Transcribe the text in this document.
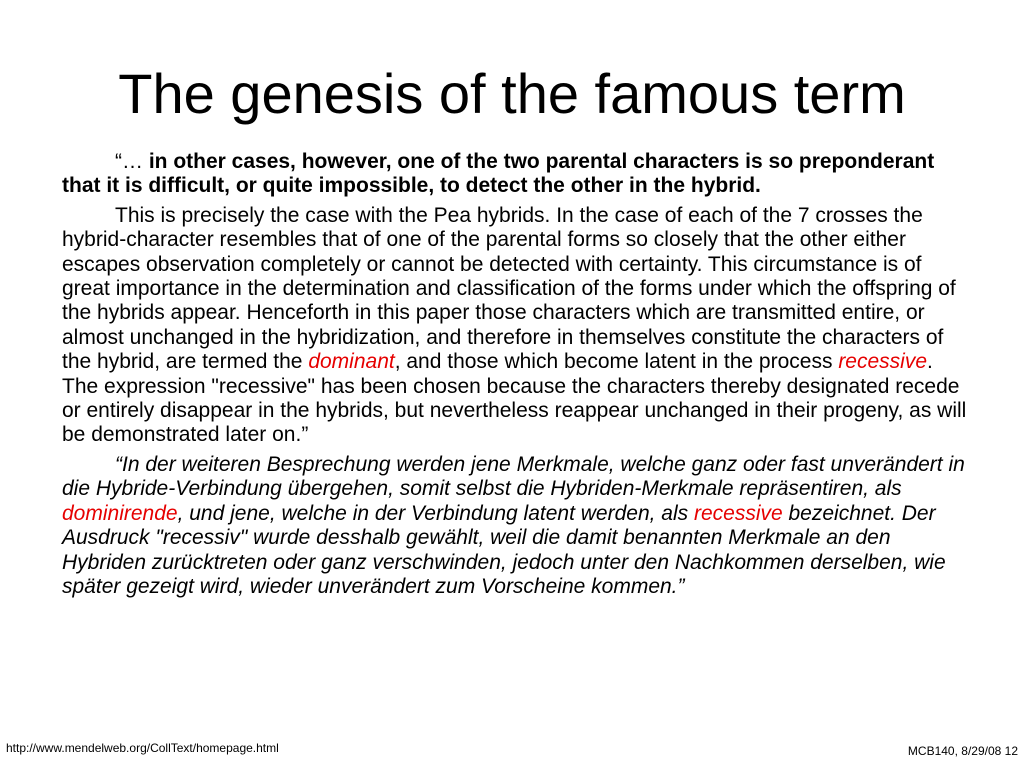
The genesis of the famous term

“… in other cases, however, one of the two parental characters is so preponderant that it is difficult, or quite impossible, to detect the other in the hybrid.

This is precisely the case with the Pea hybrids. In the case of each of the 7 crosses the hybrid-character resembles that of one of the parental forms so closely that the other either escapes observation completely or cannot be detected with certainty. This circumstance is of great importance in the determination and classification of the forms under which the offspring of the hybrids appear. Henceforth in this paper those characters which are transmitted entire, or almost unchanged in the hybridization, and therefore in themselves constitute the characters of the hybrid, are termed the dominant, and those which become latent in the process recessive. The expression "recessive" has been chosen because the characters thereby designated recede or entirely disappear in the hybrids, but nevertheless reappear unchanged in their progeny, as will be demonstrated later on.”

“In der weiteren Besprechung werden jene Merkmale, welche ganz oder fast unverändert in die Hybride-Verbindung übergehen, somit selbst die Hybriden-Merkmale repräsentiren, als dominirende, und jene, welche in der Verbindung latent werden, als recessive bezeichnet. Der Ausdruck "recessiv" wurde desshalb gewählt, weil die damit benannten Merkmale an den Hybriden zurücktreten oder ganz verschwinden, jedoch unter den Nachkommen derselben, wie später gezeigt wird, wieder unverändert zum Vorscheine kommen.”

http://www.mendelweb.org/CollText/homepage.html	MCB140, 8/29/08 12
